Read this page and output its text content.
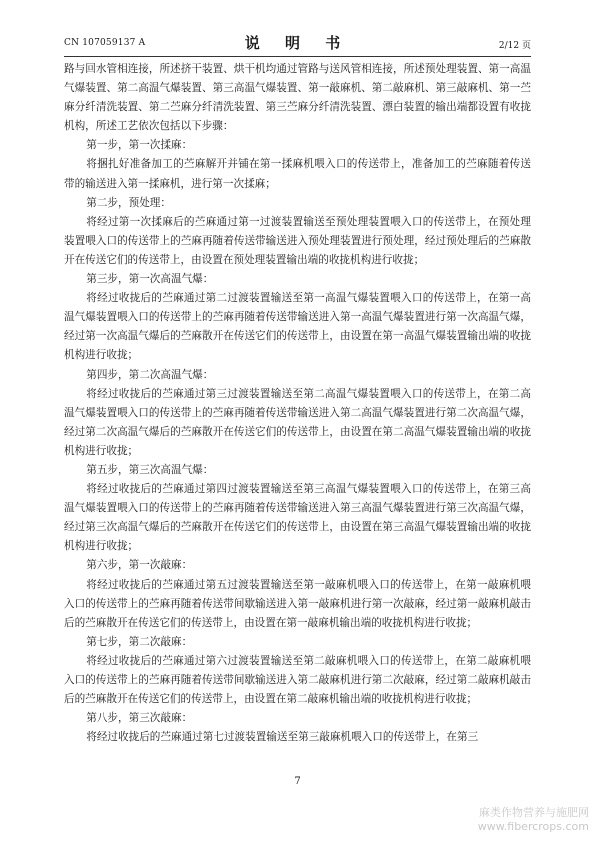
CN 107059137 A	说 明 书	2/12 页

路与回水管相连接，所述挤干装置、烘干机均通过管路与送风管相连接，所述预处理装置、第一高温气爆装置、第二高温气爆装置、第三高温气爆装置、第一敲麻机、第二敲麻机、第三敲麻机、第一苎麻分纤清洗装置、第二苎麻分纤清洗装置、第三苎麻分纤清洗装置、漂白装置的输出端都设置有收拢机构，所述工艺依次包括以下步骤：

第一步，第一次揉麻：

将捆扎好准备加工的苎麻解开并铺在第一揉麻机喂入口的传送带上，准备加工的苎麻随着传送带的输送进入第一揉麻机，进行第一次揉麻；

第二步，预处理：

将经过第一次揉麻后的苎麻通过第一过渡装置输送至预处理装置喂入口的传送带上，在预处理装置喂入口的传送带上的苎麻再随着传送带输送进入预处理装置进行预处理，经过预处理后的苎麻散开在传送它们的传送带上，由设置在预处理装置输出端的收拢机构进行收拢；

第三步，第一次高温气爆：

将经过收拢后的苎麻通过第二过渡装置输送至第一高温气爆装置喂入口的传送带上，在第一高温气爆装置喂入口的传送带上的苎麻再随着传送带输送进入第一高温气爆装置进行第一次高温气爆，经过第一次高温气爆后的苎麻散开在传送它们的传送带上，由设置在第一高温气爆装置输出端的收拢机构进行收拢；

第四步，第二次高温气爆：

将经过收拢后的苎麻通过第三过渡装置输送至第二高温气爆装置喂入口的传送带上，在第二高温气爆装置喂入口的传送带上的苎麻再随着传送带输送进入第二高温气爆装置进行第二次高温气爆，经过第二次高温气爆后的苎麻散开在传送它们的传送带上，由设置在第二高温气爆装置输出端的收拢机构进行收拢；

第五步，第三次高温气爆：

将经过收拢后的苎麻通过第四过渡装置输送至第三高温气爆装置喂入口的传送带上，在第三高温气爆装置喂入口的传送带上的苎麻再随着传送带输送进入第三高温气爆装置进行第三次高温气爆，经过第三次高温气爆后的苎麻散开在传送它们的传送带上，由设置在第三高温气爆装置输出端的收拢机构进行收拢；

第六步，第一次敲麻：

将经过收拢后的苎麻通过第五过渡装置输送至第一敲麻机喂入口的传送带上，在第一敲麻机喂入口的传送带上的苎麻再随着传送带间歇输送进入第一敲麻机进行第一次敲麻，经过第一敲麻机敲击后的苎麻散开在传送它们的传送带上，由设置在第一敲麻机输出端的收拢机构进行收拢；

第七步，第二次敲麻：

将经过收拢后的苎麻通过第六过渡装置输送至第二敲麻机喂入口的传送带上，在第二敲麻机喂入口的传送带上的苎麻再随着传送带间歇输送进入第二敲麻机进行第二次敲麻，经过第二敲麻机敲击后的苎麻散开在传送它们的传送带上，由设置在第二敲麻机输出端的收拢机构进行收拢；

第八步，第三次敲麻：

将经过收拢后的苎麻通过第七过渡装置输送至第三敲麻机喂入口的传送带上，在第三

7
麻类作物营养与施肥网
www.fibercrops.com
